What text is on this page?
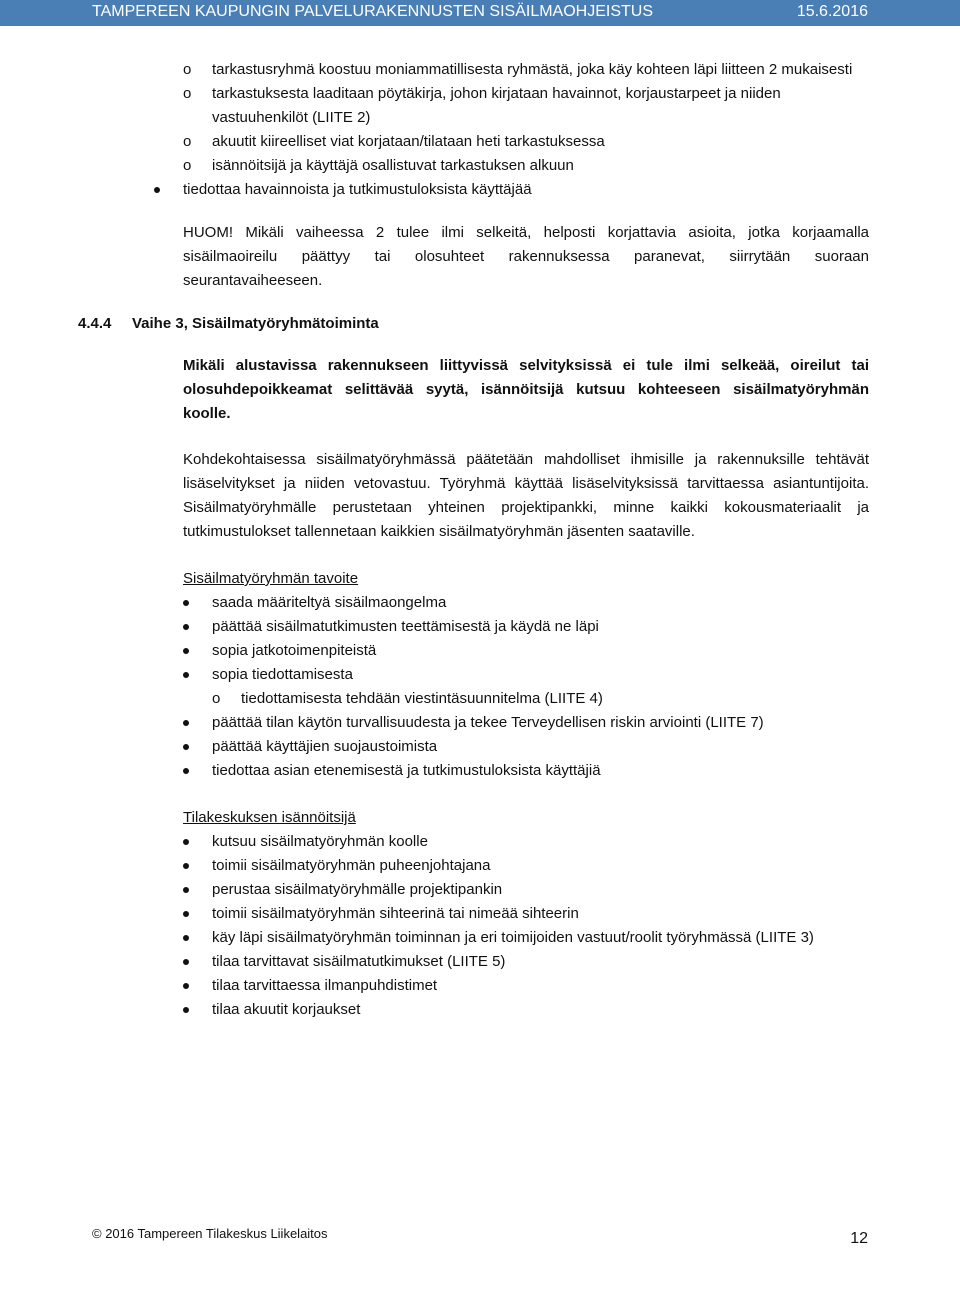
TAMPEREEN KAUPUNGIN PALVELURAKENNUSTEN SISÄILMAOHJEISTUS	15.6.2016
o tarkastusryhmä koostuu moniammatillisesta ryhmästä, joka käy kohteen läpi liitteen 2 mukaisesti
o tarkastuksesta laaditaan pöytäkirja, johon kirjataan havainnot, korjaustarpeet ja niiden vastuuhenkilöt (LIITE 2)
o akuutit kiireelliset viat korjataan/tilataan heti tarkastuksessa
o isännöitsijä ja käyttäjä osallistuvat tarkastuksen alkuun
tiedottaa havainnoista ja tutkimustuloksista käyttäjää

HUOM! Mikäli vaiheessa 2 tulee ilmi selkeitä, helposti korjattavia asioita, jotka korjaamalla sisäilmaoireilu päättyy tai olosuhteet rakennuksessa paranevat, siirrytään suoraan seurantavaiheeseen.

4.4.4 Vaihe 3, Sisäilmatyöryhmätoiminta

Mikäli alustavissa rakennukseen liittyvissä selvityksissä ei tule ilmi selkeää, oireilut tai olosuhdepoikkeamat selittävää syytä, isännöitsijä kutsuu kohteeseen sisäilmatyöryhmän koolle.

Kohdekohtaisessa sisäilmatyöryhmässä päätetään mahdolliset ihmisille ja rakennuksille tehtävät lisäselvitykset ja niiden vetovastuu. Työryhmä käyttää lisäselvityksissä tarvittaessa asiantuntijoita. Sisäilmatyöryhmälle perustetaan yhteinen projektipankki, minne kaikki kokousmateriaalit ja tutkimustulokset tallennetaan kaikkien sisäilmatyöryhmän jäsenten saataville.

Sisäilmatyöryhmän tavoite
saada määriteltyä sisäilmaongelma
päättää sisäilmatutkimusten teettämisestä ja käydä ne läpi
sopia jatkotoimenpiteistä
sopia tiedottamisesta
o tiedottamisesta tehdään viestintäsuunnitelma (LIITE 4)
päättää tilan käytön turvallisuudesta ja tekee Terveydellisen riskin arviointi (LIITE 7)
päättää käyttäjien suojaustoimista
tiedottaa asian etenemisestä ja tutkimustuloksista käyttäjiä
Tilakeskuksen isännöitsijä
kutsuu sisäilmatyöryhmän koolle
toimii sisäilmatyöryhmän puheenjohtajana
perustaa sisäilmatyöryhmälle projektipankin
toimii sisäilmatyöryhmän sihteerinä tai nimeää sihteerin
käy läpi sisäilmatyöryhmän toiminnan ja eri toimijoiden vastuut/roolit työryhmässä (LIITE 3)
tilaa tarvittavat sisäilmatutkimukset (LIITE 5)
tilaa tarvittaessa ilmanpuhdistimet
tilaa akuutit korjaukset
© 2016 Tampereen Tilakeskus Liikelaitos	12
